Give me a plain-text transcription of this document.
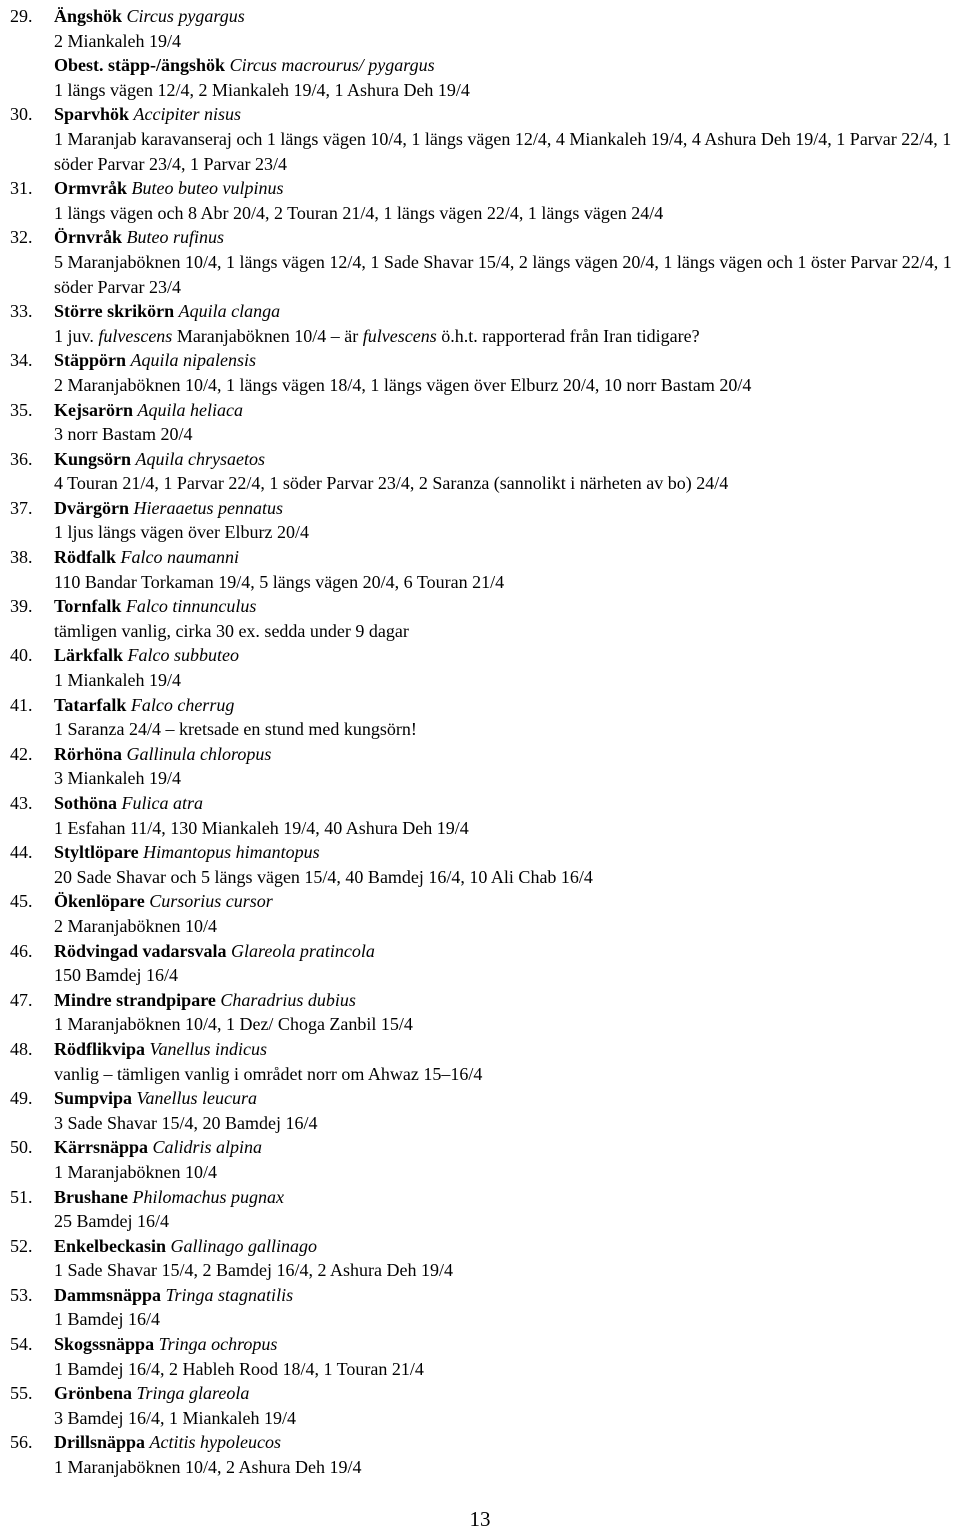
29.	Ängshök Circus pygargus
2 Miankaleh 19/4
Obest. stäpp-/ängshök Circus macrourus/ pygargus
1 längs vägen 12/4, 2 Miankaleh 19/4, 1 Ashura Deh 19/4
30.	Sparvhök Accipiter nisus
1 Maranjab karavanseraj och 1 längs vägen 10/4, 1 längs vägen 12/4, 4 Miankaleh 19/4, 4 Ashura Deh 19/4, 1 Parvar 22/4, 1 söder Parvar 23/4, 1 Parvar 23/4
31.	Ormvråk Buteo buteo vulpinus
1 längs vägen och 8 Abr 20/4, 2 Touran 21/4, 1 längs vägen 22/4, 1 längs vägen 24/4
32.	Örnvråk Buteo rufinus
5 Maranjaböknen 10/4, 1 längs vägen 12/4, 1 Sade Shavar 15/4, 2 längs vägen 20/4, 1 längs vägen och 1 öster Parvar 22/4, 1 söder Parvar 23/4
33.	Större skrikörn Aquila clanga
1 juv. fulvescens Maranjaböknen 10/4 – är fulvescens ö.h.t. rapporterad från Iran tidigare?
34.	Stäppörn Aquila nipalensis
2 Maranjaböknen 10/4, 1 längs vägen 18/4, 1 längs vägen över Elburz 20/4, 10 norr Bastam 20/4
35.	Kejsarörn Aquila heliaca
3 norr Bastam 20/4
36.	Kungsörn Aquila chrysaetos
4 Touran 21/4, 1 Parvar 22/4, 1 söder Parvar 23/4, 2 Saranza (sannolikt i närheten av bo) 24/4
37.	Dvärgörn Hieraaetus pennatus
1 ljus längs vägen över Elburz 20/4
38.	Rödfalk Falco naumanni
110 Bandar Torkaman 19/4, 5 längs vägen 20/4, 6 Touran 21/4
39.	Tornfalk Falco tinnunculus
tämligen vanlig, cirka 30 ex. sedda under 9 dagar
40.	Lärkfalk Falco subbuteo
1 Miankaleh 19/4
41.	Tatarfalk Falco cherrug
1 Saranza 24/4 – kretsade en stund med kungsörn!
42.	Rörhöna Gallinula chloropus
3 Miankaleh 19/4
43.	Sothöna Fulica atra
1 Esfahan 11/4, 130 Miankaleh 19/4, 40 Ashura Deh 19/4
44.	Styltlöpare Himantopus himantopus
20 Sade Shavar och 5 längs vägen 15/4, 40 Bamdej 16/4, 10 Ali Chab 16/4
45.	Ökenlöpare Cursorius cursor
2 Maranjaböknen 10/4
46.	Rödvingad vadarsvala Glareola pratincola
150 Bamdej 16/4
47.	Mindre strandpipare Charadrius dubius
1 Maranjaböknen 10/4, 1 Dez/ Choga Zanbil 15/4
48.	Rödflikvipa Vanellus indicus
vanlig – tämligen vanlig i området norr om Ahwaz 15–16/4
49.	Sumpvipa Vanellus leucura
3 Sade Shavar 15/4, 20 Bamdej 16/4
50.	Kärrsnäppa Calidris alpina
1 Maranjaböknen 10/4
51.	Brushane Philomachus pugnax
25 Bamdej 16/4
52.	Enkelbeckasin Gallinago gallinago
1 Sade Shavar 15/4, 2 Bamdej 16/4, 2 Ashura Deh 19/4
53.	Dammsnäppa Tringa stagnatilis
1 Bamdej 16/4
54.	Skogssnäppa Tringa ochropus
1 Bamdej 16/4, 2 Hableh Rood 18/4, 1 Touran 21/4
55.	Grönbena Tringa glareola
3 Bamdej 16/4, 1 Miankaleh 19/4
56.	Drillsnäppa Actitis hypoleucos
1 Maranjaböknen 10/4, 2 Ashura Deh 19/4
13
